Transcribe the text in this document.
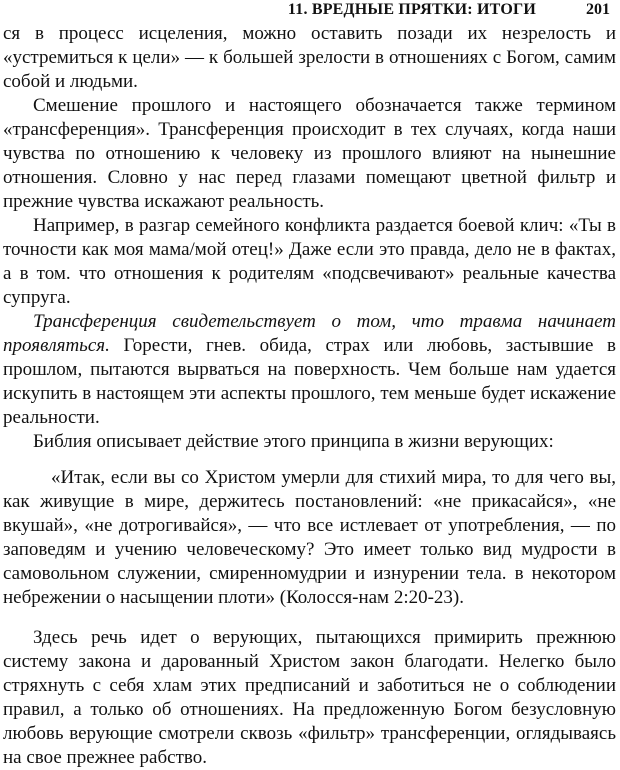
11. ВРЕДНЫЕ ПРЯТКИ: ИТОГИ	201

ся в процесс исцеления, можно оставить позади их незрелость и «устремиться к цели» — к большей зрелости в отношениях с Богом, самим собой и людьми.

Смешение прошлого и настоящего обозначается также термином «трансференция». Трансференция происходит в тех случаях, когда наши чувства по отношению к человеку из прошлого влияют на нынешние отношения. Словно у нас перед глазами помещают цветной фильтр и прежние чувства искажают реальность.

Например, в разгар семейного конфликта раздается боевой клич: «Ты в точности как моя мама/мой отец!» Даже если это правда, дело не в фактах, а в том. что отношения к родителям «подсвечивают» реальные качества супруга.

Трансференция свидетельствует о том, что травма начинает проявляться. Горести, гнев. обида, страх или любовь, застывшие в прошлом, пытаются вырваться на поверхность. Чем больше нам удается искупить в настоящем эти аспекты прошлого, тем меньше будет искажение реальности.

Библия описывает действие этого принципа в жизни верующих:

«Итак, если вы со Христом умерли для стихий мира, то для чего вы, как живущие в мире, держитесь постановлений: «не прикасайся», «не вкушай», «не дотрогивайся», — что все истлевает от употребления, — по заповедям и учению человеческому? Это имеет только вид мудрости в самовольном служении, смиренномудрии и изнурении тела. в некотором небрежении о насыщении плоти» (Колосся-нам 2:20-23).

Здесь речь идет о верующих, пытающихся примирить прежнюю систему закона и дарованный Христом закон благодати. Нелегко было стряхнуть с себя хлам этих предписаний и заботиться не о соблюдении правил, а только об отношениях. На предложенную Богом безусловную любовь верующие смотрели сквозь «фильтр» трансференции, оглядываясь на свое прежнее рабство.
